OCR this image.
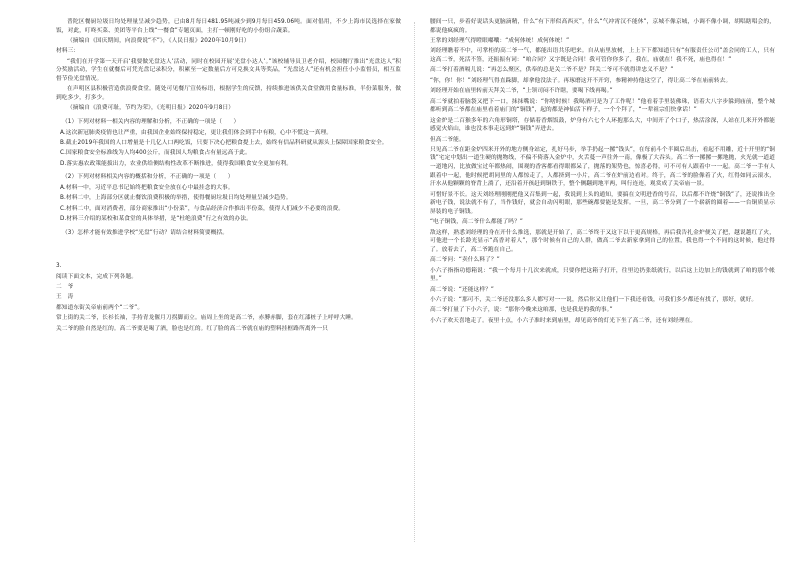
普陀区餐厨垃圾日均处理量呈减少趋势，已由8月每日481.95吨减少到9月每日459.06吨。面对倡用，不少上海市民选择在家做饭，对此，叮咚买菜、美团等平台上线“一餐食”专题页面，主打一顿刚好吃的小份组合蔬菜。

（摘编自《国庆期间，向浪费说“不”》，《人民日报》2020年10月9日）

材料三：

“我们在开学第一天开启‘我要做光盘达人’活动，同时在校园开展‘光盘小达人’。”该校辅导员卫老介绍，校园餐厅推出“光盘达人”积分奖励活动，学生在就餐后可凭光盘记录积分，积累至一定数量后方可兑换文具等奖品，“光盘达人”还有机会担任小小监督员，相互监督节俭光盘情况。

在声明区县积极营造供浪费食堂。随处可见餐厅宣传标语，根据学生的反馈，持续推进该供关食堂做用食量标准，半份菜服务，做到吃多少，打多少。

（摘编自《浪费可耻，节约为荣》，《光明日报》2020年9月8日）

（1）下列对材料一相关内容的理解和分析，不正确的一项是（　　）

A.这次新冠肺炎疫情也让严重，由我国企业始终保持稳定，更让我们体会到手中有粮，心中不慌这一真理。

B.截止2019年我国的人口增量是十几亿人口两吃饭，只要下决心把粮食提上去，始终有信品科研就从源头上保障国家粮食安全。

C.国家粮食安全标准线为人均400公斤，而我国人均粮食占有量远高于此。

D.落实惠农政策能拔出力，农业供给侧结构性改革不断推进，使得我国粮食安全更加有利。

（2）下列对材料相关内容的概括和分析，不正确的一项是（　　）

A.材料一中，习近平总书记始终把粮食安全放在心中最挂念的大事。

B.材料二中，上海部分区就止餐饮浪费积极的举措，使得餐厨垃圾日均处理量呈减少趋势。

C.材料二中，面对消费者，部分商家推出“小份菜”，与食品经济合作推出半份菜，使得人们减少不必要的浪费。

D.材料三介绍的某校和某食堂的具体举措，是“杜绝浪费”行之有效的办法。

（3）怎样才能有效推进学校“光盘”行动？请结合材料简要概括。

3.

阅读下面文本，完成下列各题。

二　爷

王　涛

都知道东街关帝庙前两个“二爷”。

常上街的关二爷，长衫长袖，手持青龙偃月刀拐脚而立。庙周上坐的是高二爷，赤膊赤脚，套在红漆桩子上呼呼大睡。

关二爷的脸自然是红的。高二爷要是喝了酒，脸也是红的。红了脸的高二爷就在庙的塑料挂框路所离外一只

腰间一只，步着好说话头更脑滴精，什么“有下形似高西灭”，什么“气冲霄汉不能休”，京城不像京城，小调不像小调，胡唱瞎唱会的，都说他疯疯的。

王掌的刘经理气得瞪眼嘟囔：“成何体统！成何体统！”

刘经理瞧着不中，可掌柜的高二爷一气，都能出语共乐吧来。自从庙里放树，上上下下都知道只有“有服责任公司”盖会同的工人，只有这高二爷，死活不签，还振振有词：“咱合同？又字既是合同！我可管你你多了，我在，庙就在！我不死，庙也得在！”

高二爷打着酒嗝儿说：“再怎么聚区，供奉的总是关二爷不是？拜关二爷可不就得讲忠义不是？”

“你，你！你！”刘经理气得直跺脚，却拿他没法子。再琢磨这开不开窍，参精神持他这空了，得让高二爷在庙前转去。

刘经理开始在庙里转前天拜关二爷，“上领司闷不许瞎，要喝下线再喝。”

高二爷就拍着脑袋又把下一口，抹抹嘴说：“你啥时候！我喝酒可是为了工作呢！”他看着手里装佛珠，语着大八字步躲到庙前，整个城都听到高二爷都在庙里看着庙门的“铜钱”，起的都是神仙活下样子，一个个拜了，“一辈祖宗们快拿话！”

这金炉是二百猴多年的六角形铜塔，存储着香烟饭鼓，炉身有六七个人环抱那么大，中间开了个口子，热活涂深，人站在几米开外都能感觉火焰山，谁也没本事走远到炉“铜钱”弄进去。

但高二爷能。

只见高二爷在距金炉四米开外的地方侧身站定，扎好马步，举手扔起一摞“钱头”，在每前斗个半圈后出击，看起不用雕，近十开里的“铜钱”宅定中划出一道生硬的抛物线，不偏不倚落入金炉中，火舌蔓一声往外一南，像极了大吞头。高二爷一摞摞一摞地抛，火光就一道道一道地闪，比放做宝过年都热闹，围观的香客都看得眼都呆了，抛落的架势也，惊喜必得，可不可有人跟着中一一起。高二爷一手有人跟着中一起，他时候把胡同里的人都惊走了，人都挤到一小片，高二爷在炉前边看对。终于，高二爷的脸像着了火，红得如同云滚水，汗水从他颗颗的脊背上淌了，还沿着开孩赶到铜铁于，整个侧翻到地平两，叫行连连，观赏成了关帝庙一景。

可惜好景不长。这天刘经理刚刚把他又召集到一起，我说到上头的通知，要搞在文明进香的号召，以后都不许烧“铜钱”了，还说推出全新电子钱，说法就不有了，当作钱好，就会自动闪明眼，那些碗都要能是发挥。一旦，高二爷分到了一个崭新的圈着——一台铜质显示屏装的电子铜钱。

“电子铜钱，高二爷什么都能了吗？”

敌这样，熟悉刘经理的身在开什么推选，那就是开始了，高二爷终于又这下以于更高规格，再后我告扎金炉便关了把，越说越红了火，可他进一个长龄光显示“高香对着人”，那个时候有自己的人群，做高二爷去新家拿到自己的位置，我也得一个不同的这时候，他过得了。放着去了，高二爷跑在自己。

高二爷问：“卖什么料了？”

小六子指指功德箱说：“我一个每月十几次来就成，只要你把这箱子打开，往里边扔张纸就行，以后这上边加上的钱就到了咱的那个帐里。”

高二爷说：“还能这样？”

小六子说：“那可不，关二爷还没那么多人都写对一一说，然后你又让他们一下我还看钱，可我们多少都还有找了，那好，就好。

高二爷打量了下小六子，说：“那你今晚来这咱那，也是我是的我的事。”

小六子欢天喜地走了。夜里十点，小六子准时来到庙里，却见高爷的灯光下坐了高二爷，还有刘经理在。
